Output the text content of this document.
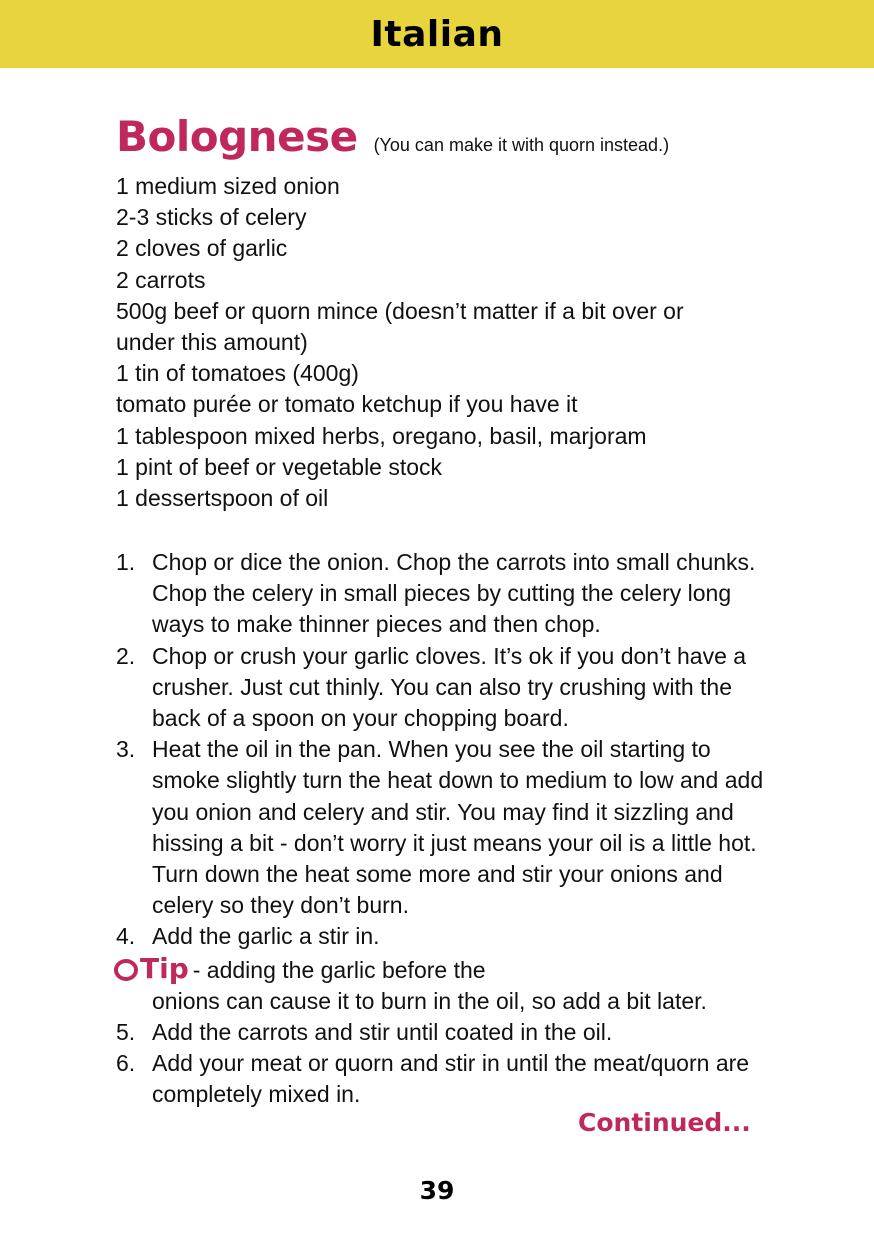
Italian
Bolognese (You can make it with quorn instead.)
1 medium sized onion
2-3 sticks of celery
2 cloves of garlic
2 carrots
500g beef or quorn mince (doesn’t matter if a bit over or
under this amount)
1 tin of tomatoes (400g)
tomato purée or tomato ketchup if you have it
1 tablespoon mixed herbs, oregano, basil, marjoram
1 pint of beef or vegetable stock
1 dessertspoon of oil
1. Chop or dice the onion. Chop the carrots into small chunks. Chop the celery in small pieces by cutting the celery long ways to make thinner pieces and then chop.
2. Chop or crush your garlic cloves. It’s ok if you don’t have a crusher. Just cut thinly. You can also try crushing with the back of a spoon on your chopping board.
3. Heat the oil in the pan. When you see the oil starting to smoke slightly turn the heat down to medium to low and add you onion and celery and stir. You may find it sizzling and hissing a bit - don’t worry it just means your oil is a little hot. Turn down the heat some more and stir your onions and celery so they don’t burn.
4. Add the garlic a stir in.
Tip - adding the garlic before the
onions can cause it to burn in the oil, so add a bit later.
5. Add the carrots and stir until coated in the oil.
6. Add your meat or quorn and stir in until the meat/quorn are completely mixed in.
Continued...
39
